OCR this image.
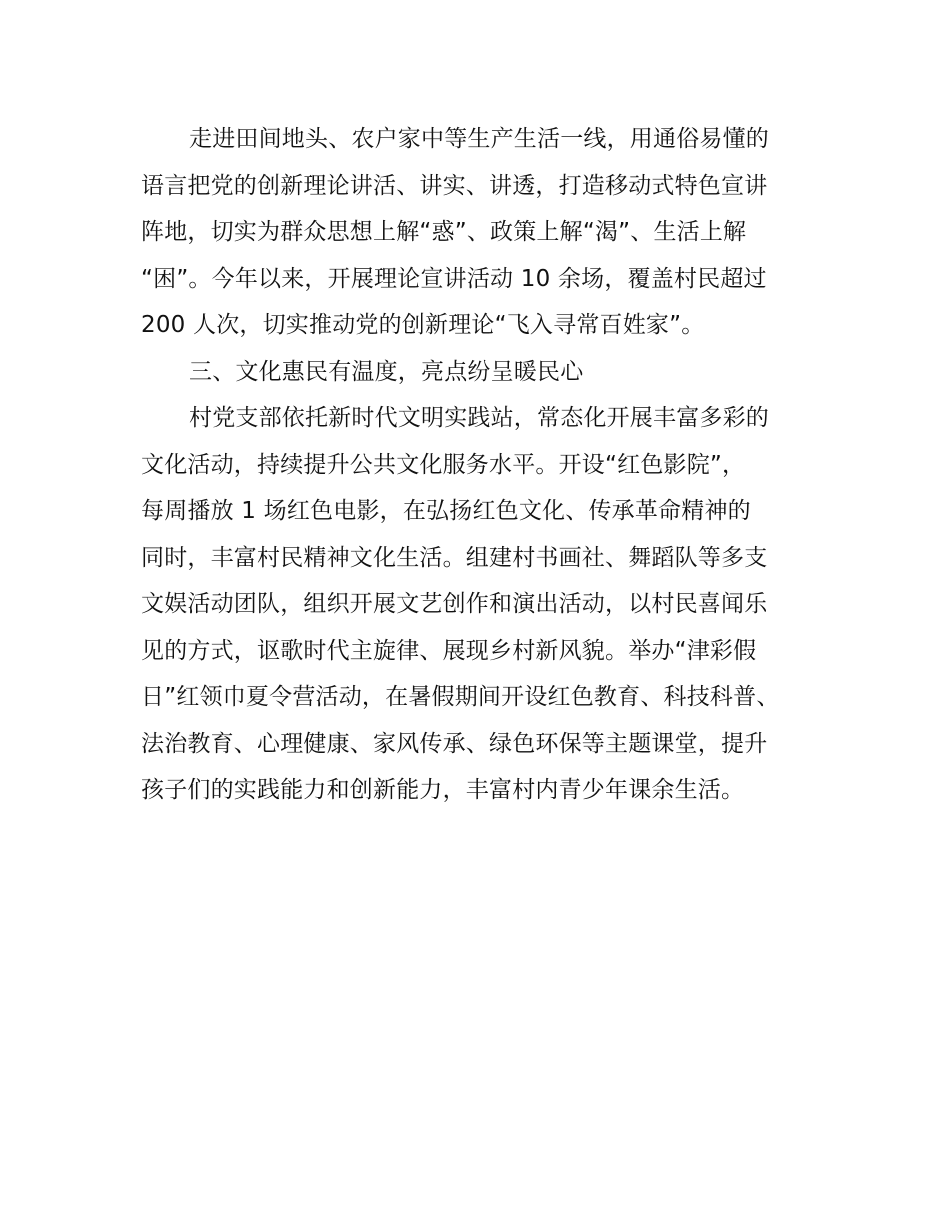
走进田间地头、农户家中等生产生活一线，用通俗易懂的
语言把党的创新理论讲活、讲实、讲透，打造移动式特色宣讲
阵地，切实为群众思想上解“惑”、政策上解“渴”、生活上解
“困”。今年以来，开展理论宣讲活动 10 余场，覆盖村民超过
200 人次，切实推动党的创新理论“飞入寻常百姓家”。
三、文化惠民有温度，亮点纷呈暖民心
村党支部依托新时代文明实践站，常态化开展丰富多彩的
文化活动，持续提升公共文化服务水平。开设“红色影院”，
每周播放 1 场红色电影，在弘扬红色文化、传承革命精神的
同时，丰富村民精神文化生活。组建村书画社、舞蹈队等多支
文娱活动团队，组织开展文艺创作和演出活动，以村民喜闻乐
见的方式，讴歌时代主旋律、展现乡村新风貌。举办“津彩假
日”红领巾夏令营活动，在暑假期间开设红色教育、科技科普、
法治教育、心理健康、家风传承、绿色环保等主题课堂，提升
孩子们的实践能力和创新能力，丰富村内青少年课余生活。
